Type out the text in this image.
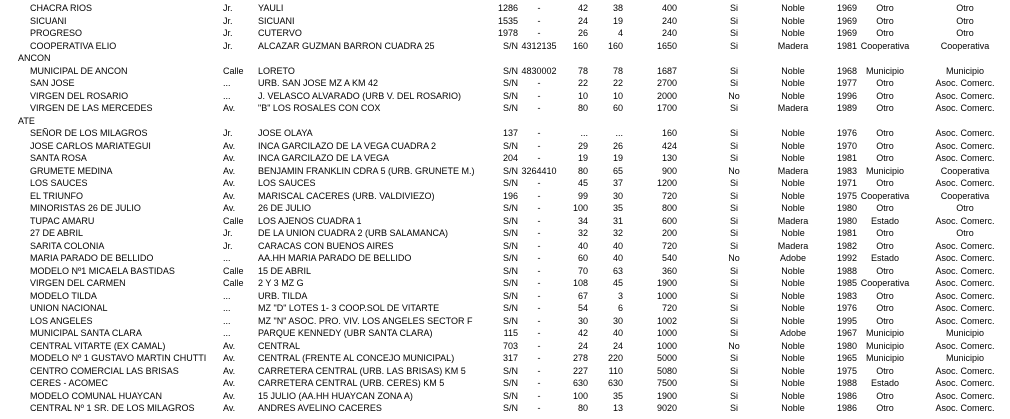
CHACRA RIOS	Jr.	YAULI	1286	-	42	38	400	Si	Noble	1969	Otro	Otro
SICUANI	Jr.	SICUANI	1535	-	24	19	240	Si	Noble	1969	Otro	Otro
PROGRESO	Jr.	CUTERVO	1978	-	26	4	240	Si	Noble	1969	Otro	Otro
COOPERATIVA ELIO	Jr.	ALCAZAR GUZMAN BARRON CUADRA 25	S/N 4312135	160	160	1650	Si	Madera	1981 Cooperativa	Cooperativa
ANCON
MUNICIPAL DE ANCON	Calle	LORETO	S/N 4830002	78	78	1687	Si	Noble	1968 Municipio	Municipio
SAN JOSE	...	URB. SAN JOSE MZ A KM 42	S/N	-	22	22	2700	Si	Noble	1977	Otro	Asoc. Comerc.
VIRGEN DEL ROSARIO	...	J. VELASCO ALVARADO (URB V. DEL ROSARIO)	S/N	-	10	10	2000	No	Noble	1996	Otro	Asoc. Comerc.
VIRGEN DE LAS MERCEDES	Av.	"B" LOS ROSALES CON COX	S/N	-	80	60	1700	Si	Madera	1989	Otro	Asoc. Comerc.
ATE
SEÑOR DE LOS MILAGROS	Jr.	JOSE OLAYA	137	-	...	...	160	Si	Noble	1976	Otro	Asoc. Comerc.
JOSE CARLOS MARIATEGUI	Av.	INCA GARCILAZO DE LA VEGA CUADRA 2	S/N	-	29	26	424	Si	Noble	1970	Otro	Asoc. Comerc.
SANTA ROSA	Av.	INCA GARCILAZO DE LA VEGA	204	-	19	19	130	Si	Noble	1981	Otro	Asoc. Comerc.
GRUMETE MEDINA	Av.	BENJAMIN FRANKLIN CDRA 5 (URB. GRUNETE M.)	S/N 3264410	80	65	900	No	Madera	1983 Municipio	Cooperativa
LOS SAUCES	Av.	LOS SAUCES	S/N	-	45	37	1200	Si	Noble	1971	Otro	Asoc. Comerc.
EL TRIUNFO	Av.	MARISCAL CACERES (URB. VALDIVIEZO)	196	-	99	30	720	Si	Noble	1975 Cooperativa	Cooperativa
MINORISTAS 26 DE JULIO	Av.	26 DE JULIO	S/N	-	100	35	800	Si	Noble	1980	Otro	Otro
TUPAC AMARU	Calle	LOS AJENOS CUADRA 1	S/N	-	34	31	600	Si	Madera	1980	Estado	Asoc. Comerc.
27 DE ABRIL	Jr.	DE LA UNION CUADRA 2 (URB SALAMANCA)	S/N	-	32	32	200	Si	Noble	1981	Otro	Otro
SARITA COLONIA	Jr.	CARACAS CON BUENOS AIRES	S/N	-	40	40	720	Si	Madera	1982	Otro	Asoc. Comerc.
MARIA PARADO DE BELLIDO	...	AA.HH MARIA PARADO DE BELLIDO	S/N	-	60	40	540	No	Adobe	1992	Estado	Asoc. Comerc.
MODELO Nº1 MICAELA BASTIDAS	Calle	15 DE ABRIL	S/N	-	70	63	360	Si	Noble	1988	Otro	Asoc. Comerc.
VIRGEN DEL CARMEN	Calle	2 Y 3 MZ G	S/N	-	108	45	1900	Si	Noble	1985 Cooperativa	Asoc. Comerc.
MODELO TILDA	...	URB. TILDA	S/N	-	67	3	1000	Si	Noble	1983	Otro	Asoc. Comerc.
UNION NACIONAL	...	MZ "D" LOTES 1- 3 COOP.SOL DE VITARTE	S/N	-	54	6	720	Si	Noble	1976	Otro	Asoc. Comerc.
LOS ANGELES	...	MZ "N" ASOC. PRO. VIV. LOS ANGELES SECTOR F	S/N	-	30	30	1002	Si	Noble	1995	Otro	Asoc. Comerc.
MUNICIPAL SANTA CLARA	...	PARQUE KENNEDY (UBR SANTA CLARA)	115	-	42	40	1000	Si	Adobe	1967 Municipio	Municipio
CENTRAL VITARTE (EX CAMAL)	Av.	CENTRAL	703	-	24	24	1000	No	Noble	1980 Municipio	Asoc. Comerc.
MODELO Nº 1 GUSTAVO MARTIN CHUTTI	Av.	CENTRAL (FRENTE AL CONCEJO MUNICIPAL)	317	-	278	220	5000	Si	Noble	1965 Municipio	Municipio
CENTRO COMERCIAL LAS BRISAS	Av.	CARRETERA CENTRAL (URB. LAS BRISAS) KM 5	S/N	-	227	110	5080	Si	Noble	1975	Otro	Asoc. Comerc.
CERES - ACOMEC	Av.	CARRETERA CENTRAL (URB. CERES) KM 5	S/N	-	630	630	7500	Si	Noble	1988	Estado	Asoc. Comerc.
MODELO COMUNAL HUAYCAN	Av.	15 JULIO (AA.HH HUAYCAN ZONA A)	S/N	-	100	35	1900	Si	Noble	1986	Otro	Asoc. Comerc.
CENTRAL Nº 1 SR. DE LOS MILAGROS	Av.	ANDRES AVELINO CACERES	S/N	-	80	13	9020	Si	Noble	1986	Otro	Asoc. Comerc.
